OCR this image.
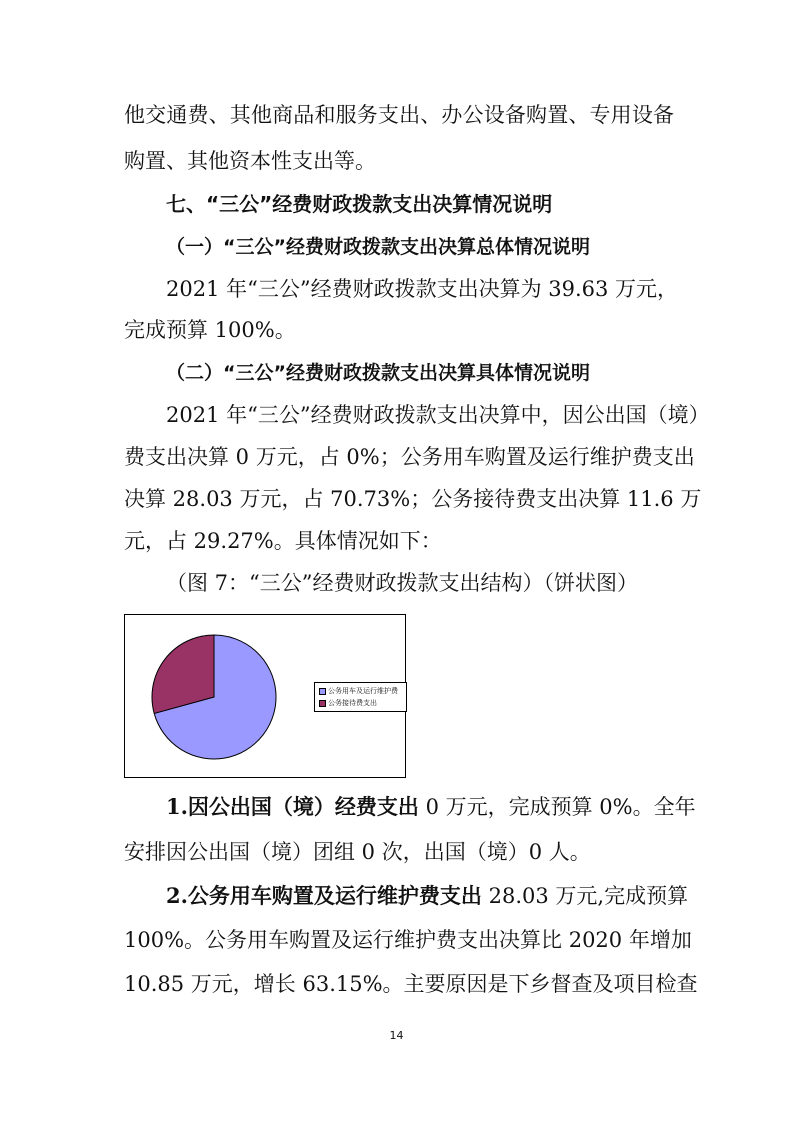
他交通费、其他商品和服务支出、办公设备购置、专用设备
购置、其他资本性支出等。
七、“三公”经费财政拨款支出决算情况说明
（一）“三公”经费财政拨款支出决算总体情况说明
2021 年“三公”经费财政拨款支出决算为 39.63 万元，
完成预算 100%。
（二）“三公”经费财政拨款支出决算具体情况说明
2021 年“三公”经费财政拨款支出决算中，因公出国（境）
费支出决算 0 万元，占 0%；公务用车购置及运行维护费支出
决算 28.03 万元，占 70.73%；公务接待费支出决算 11.6 万
元，占 29.27%。具体情况如下：
（图 7：“三公”经费财政拨款支出结构）（饼状图）
公务用车及运行维护费
公务接待费支出
1.因公出国（境）经费支出 0 万元，完成预算 0%。全年
安排因公出国（境）团组 0 次，出国（境）0 人。
2.公务用车购置及运行维护费支出 28.03 万元,完成预算
100%。公务用车购置及运行维护费支出决算比 2020 年增加
10.85 万元，增长 63.15%。主要原因是下乡督查及项目检查
14
